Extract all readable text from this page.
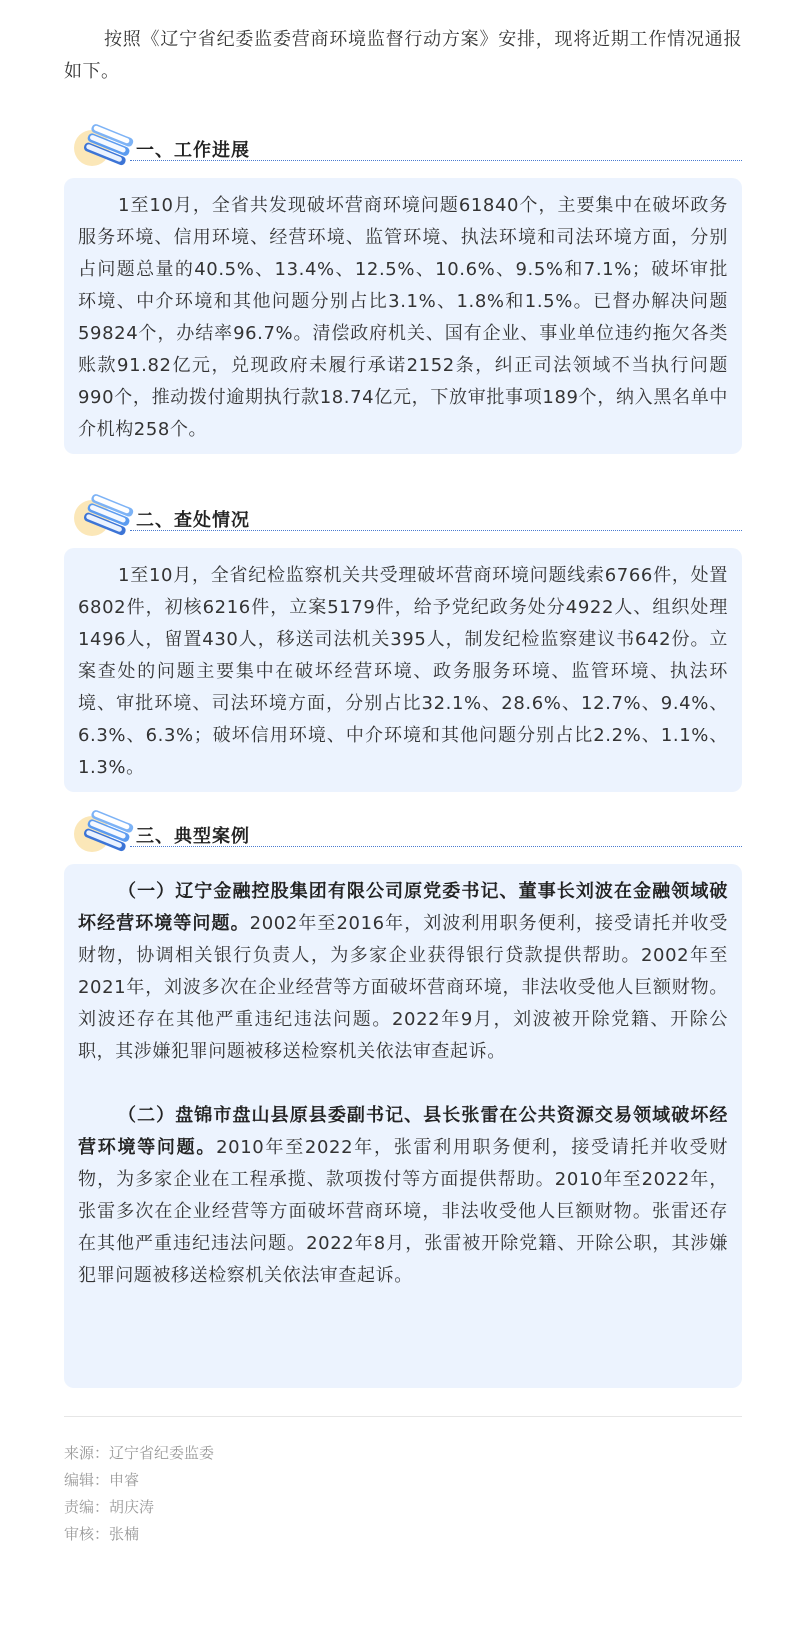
按照《辽宁省纪委监委营商环境监督行动方案》安排，现将近期工作情况通报如下。

一、工作进展

1至10月，全省共发现破坏营商环境问题61840个，主要集中在破坏政务服务环境、信用环境、经营环境、监管环境、执法环境和司法环境方面，分别占问题总量的40.5%、13.4%、12.5%、10.6%、9.5%和7.1%；破坏审批环境、中介环境和其他问题分别占比3.1%、1.8%和1.5%。已督办解决问题59824个，办结率96.7%。清偿政府机关、国有企业、事业单位违约拖欠各类账款91.82亿元，兑现政府未履行承诺2152条，纠正司法领域不当执行问题990个，推动拨付逾期执行款18.74亿元，下放审批事项189个，纳入黑名单中介机构258个。

二、查处情况

1至10月，全省纪检监察机关共受理破坏营商环境问题线索6766件，处置6802件，初核6216件，立案5179件，给予党纪政务处分4922人、组织处理1496人，留置430人，移送司法机关395人，制发纪检监察建议书642份。立案查处的问题主要集中在破坏经营环境、政务服务环境、监管环境、执法环境、审批环境、司法环境方面，分别占比32.1%、28.6%、12.7%、9.4%、6.3%、6.3%；破坏信用环境、中介环境和其他问题分别占比2.2%、1.1%、1.3%。

三、典型案例

（一）辽宁金融控股集团有限公司原党委书记、董事长刘波在金融领域破坏经营环境等问题。2002年至2016年，刘波利用职务便利，接受请托并收受财物，协调相关银行负责人，为多家企业获得银行贷款提供帮助。2002年至2021年，刘波多次在企业经营等方面破坏营商环境，非法收受他人巨额财物。刘波还存在其他严重违纪违法问题。2022年9月，刘波被开除党籍、开除公职，其涉嫌犯罪问题被移送检察机关依法审查起诉。

（二）盘锦市盘山县原县委副书记、县长张雷在公共资源交易领域破坏经营环境等问题。2010年至2022年，张雷利用职务便利，接受请托并收受财物，为多家企业在工程承揽、款项拨付等方面提供帮助。2010年至2022年，张雷多次在企业经营等方面破坏营商环境，非法收受他人巨额财物。张雷还存在其他严重违纪违法问题。2022年8月，张雷被开除党籍、开除公职，其涉嫌犯罪问题被移送检察机关依法审查起诉。

来源：辽宁省纪委监委
编辑：申睿
责编：胡庆涛
审核：张楠
